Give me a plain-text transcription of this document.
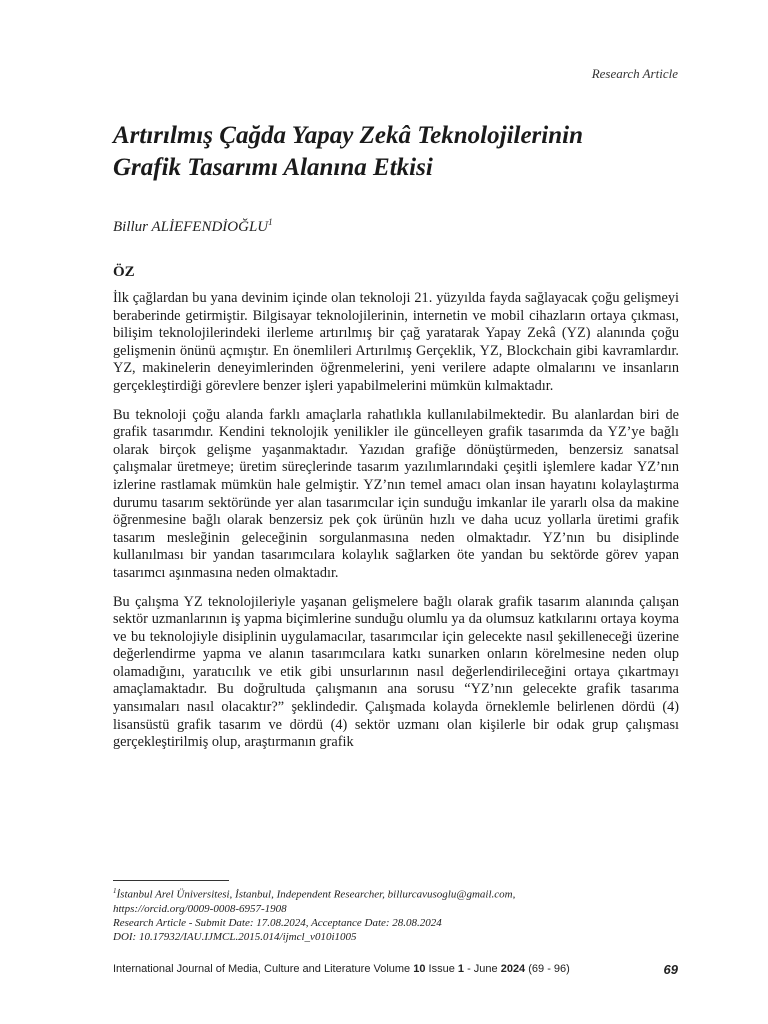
Research Article
Artırılmış Çağda Yapay Zekâ Teknolojilerinin
Grafik Tasarımı Alanına Etkisi
Billur ALİEFENDİOĞLU$^1$
ÖZ

İlk çağlardan bu yana devinim içinde olan teknoloji 21. yüzyılda fayda sağlayacak çoğu gelişmeyi beraberinde getirmiştir. Bilgisayar teknolojilerinin, internetin ve mobil cihazların ortaya çıkması, bilişim teknolojilerindeki ilerleme artırılmış bir çağ yaratarak Yapay Zekâ (YZ) alanında çoğu gelişmenin önünü açmıştır. En önemlileri Artırılmış Gerçeklik, YZ, Blockchain gibi kavramlardır. YZ, makinelerin deneyimlerinden öğrenmelerini, yeni verilere adapte olmalarını ve insanların gerçekleştirdiği görevlere benzer işleri yapabilmelerini mümkün kılmaktadır.

Bu teknoloji çoğu alanda farklı amaçlarla rahatlıkla kullanılabilmektedir. Bu alanlardan biri de grafik tasarımdır. Kendini teknolojik yenilikler ile güncelleyen grafik tasarımda da YZ’ye bağlı olarak birçok gelişme yaşanmaktadır. Yazıdan grafiğe dönüştürmeden, benzersiz sanatsal çalışmalar üretmeye; üretim süreçlerinde tasarım yazılımlarındaki çeşitli işlemlere kadar YZ’nın izlerine rastlamak mümkün hale gelmiştir. YZ’nın temel amacı olan insan hayatını kolaylaştırma durumu tasarım sektöründe yer alan tasarımcılar için sunduğu imkanlar ile yararlı olsa da makine öğrenmesine bağlı olarak benzersiz pek çok ürünün hızlı ve daha ucuz yollarla üretimi grafik tasarım mesleğinin geleceğinin sorgulanmasına neden olmaktadır. YZ’nın bu disiplinde kullanılması bir yandan tasarımcılara kolaylık sağlarken öte yandan bu sektörde görev yapan tasarımcı aşınmasına neden olmaktadır.

Bu çalışma YZ teknolojileriyle yaşanan gelişmelere bağlı olarak grafik tasarım alanında çalışan sektör uzmanlarının iş yapma biçimlerine sunduğu olumlu ya da olumsuz katkılarını ortaya koyma ve bu teknolojiyle disiplinin uygulamacılar, tasarımcılar için gelecekte nasıl şekilleneceği üzerine değerlendirme yapma ve alanın tasarımcılara katkı sunarken onların körelmesine neden olup olamadığını, yaratıcılık ve etik gibi unsurlarının nasıl değerlendirileceğini ortaya çıkartmayı amaçlamaktadır. Bu doğrultuda çalışmanın ana sorusu “YZ’nın gelecekte grafik tasarıma yansımaları nasıl olacaktır?” şeklindedir. Çalışmada kolayda örneklemle belirlenen dördü (4) lisansüstü grafik tasarım ve dördü (4) sektör uzmanı olan kişilerle bir odak grup çalışması gerçekleştirilmiş olup, araştırmanın grafik

$^1$İstanbul Arel Üniversitesi, İstanbul, Independent Researcher, billurcavusoglu@gmail.com,
https://orcid.org/0009-0008-6957-1908
Research Article - Submit Date: 17.08.2024, Acceptance Date: 28.08.2024
DOI: 10.17932/IAU.IJMCL.2015.014/ijmcl_v010i1005
International Journal of Media, Culture and Literature Volume 10 Issue 1 - June 2024 (69 - 96)	69
